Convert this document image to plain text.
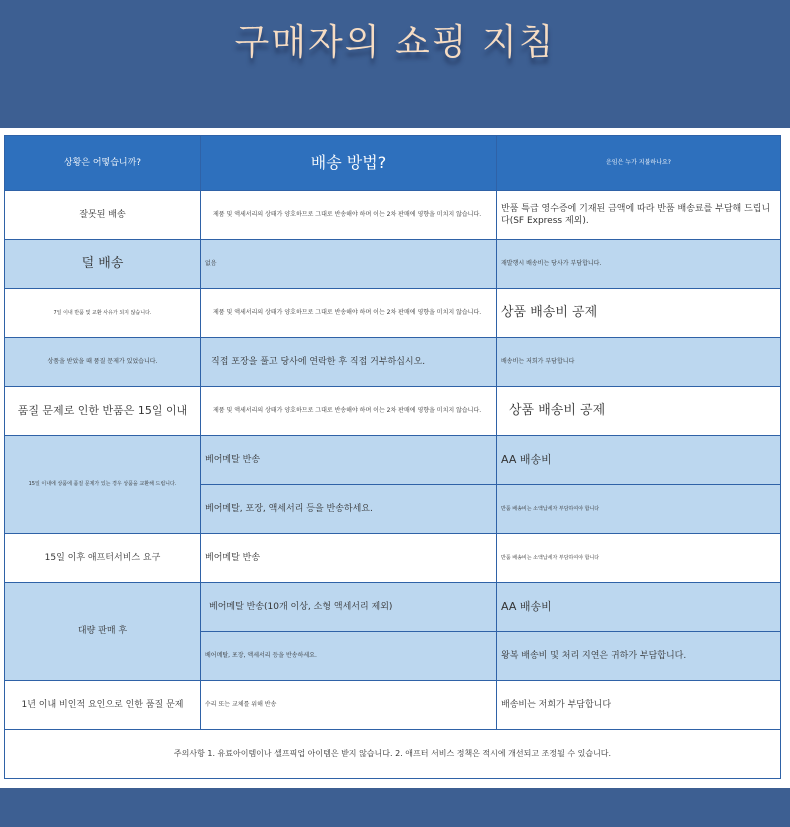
구매자의 쇼핑 지침
상황은 어떻습니까?	배송 방법?	운임은 누가 지불하나요?
잘못된 배송	제품 및 액세서리의 상태가 양호하므로 그대로 반송해야 하며 이는 2차 판매에 영향을 미치지 않습니다.	반품 특급 영수증에 기재된 금액에 따라 반품 배송료를 부담해 드립니다(SF Express 제외).
덜 배송	없음	재발행시 배송비는 당사가 부담합니다.
7일 이내 반품 및 교환 사유가 되지 않습니다.	제품 및 액세서리의 상태가 양호하므로 그대로 반송해야 하며 이는 2차 판매에 영향을 미치지 않습니다.	상품 배송비 공제
상품을 받았을 때 품질 문제가 있었습니다.	직접 포장을 풀고 당사에 연락한 후 직접 거부하십시오.	배송비는 저희가 부담합니다
품질 문제로 인한 반품은 15일 이내	제품 및 액세서리의 상태가 양호하므로 그대로 반송해야 하며 이는 2차 판매에 영향을 미치지 않습니다.	상품 배송비 공제
15일 이내에 상품에 품질 문제가 있는 경우 상품을 교환해 드립니다.	베어메탈 반송	AA 배송비
	베어메탈, 포장, 액세서리 등을 반송하세요.	반품 배송비는 소액납세자 부담하여야 합니다
15일 이후 애프터서비스 요구	베어메탈 반송	반품 배송비는 소액납세자 부담하여야 합니다
대량 판매 후	베어메탈 반송(10개 이상, 소형 액세서리 제외)	AA 배송비
	베어메탈, 포장, 액세서리 등을 반송하세요.	왕복 배송비 및 처리 지연은 귀하가 부담합니다.
1년 이내 비인적 요인으로 인한 품질 문제	수리 또는 교체를 위해 반송	배송비는 저희가 부담합니다
주의사항 1. 유료아이템이나 셀프픽업 아이템은 받지 않습니다. 2. 애프터 서비스 정책은 적시에 개선되고 조정될 수 있습니다.		
